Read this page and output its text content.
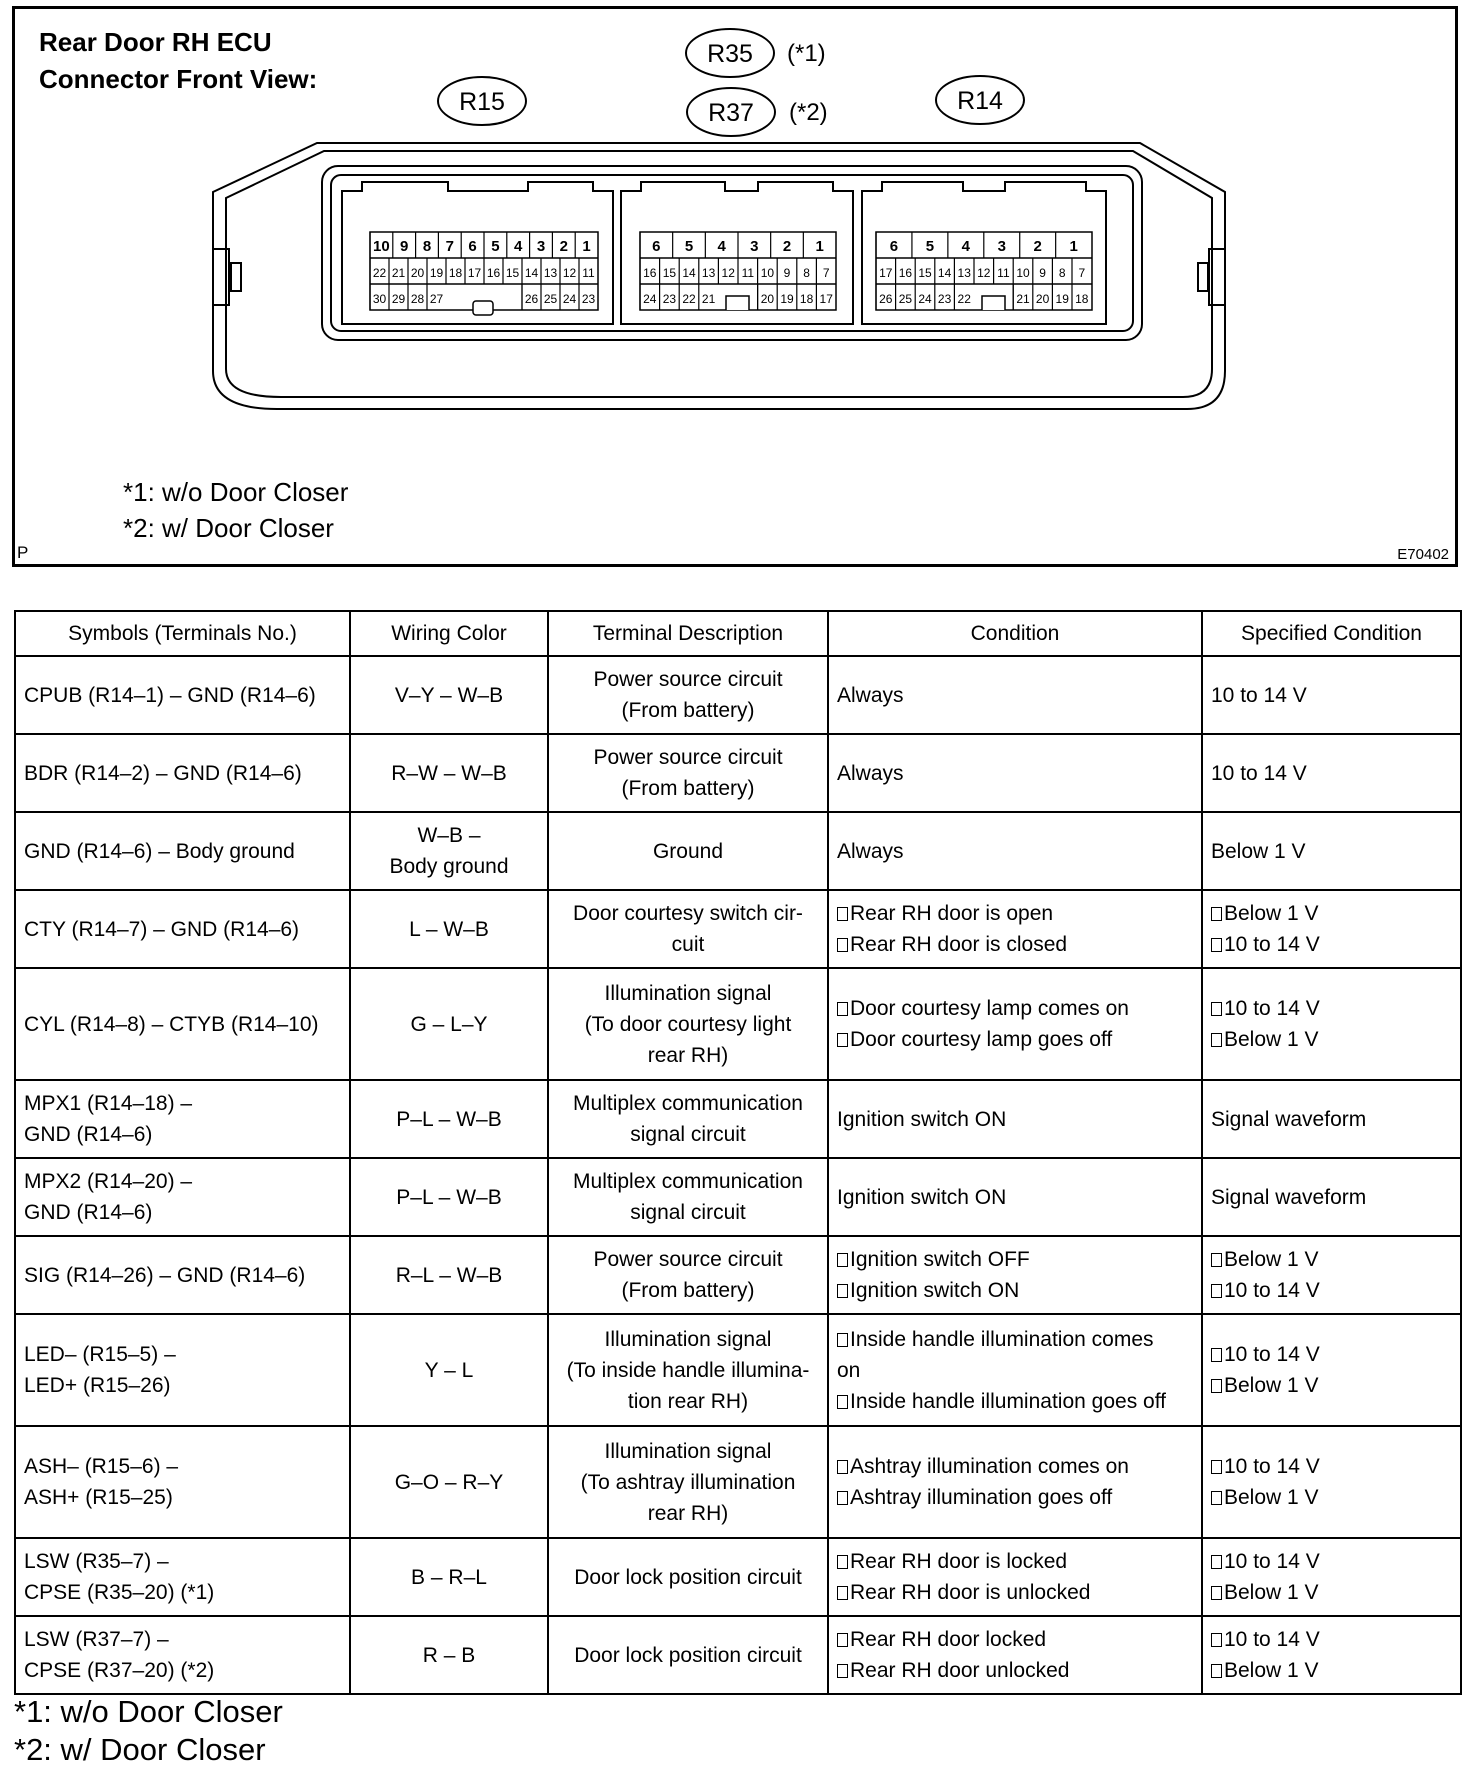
Rear Door RH ECU
Connector Front View:
R15
R35 (*1)
R37 (*2)	R14
10 9 8 7 6 5 4 3 2 1
22 21 20 19 18 17 16 15 14 13 12 11
30 29 28 27	26 25 24 23
6 5 4 3 2 1
16 15 14 13 12 11 10 9 8 7
24 23 22 21	20 19 18 17
6 5 4 3 2 1
17 16 15 14 13 12 11 10 9 8 7
26 25 24 23 22	21 20 19 18
*1: w/o Door Closer
*2: w/ Door Closer
P	E70402
Symbols (Terminals No.)	Wiring Color	Terminal Description	Condition	Specified Condition

CPUB (R14–1) – GND (R14–6)	V–Y – W–B	Power source circuit
(From battery)	Always	10 to 14 V

BDR (R14–2) – GND (R14–6)	R–W – W–B	Power source circuit
(From battery)	Always	10 to 14 V

GND (R14–6) – Body ground	W–B –
Body ground	Ground	Always	Below 1 V

CTY (R14–7) – GND (R14–6)	L – W–B	Door courtesy switch cir-
cuit	Rear RH door is open
Rear RH door is closed	Below 1 V
10 to 14 V

CYL (R14–8) – CTYB (R14–10)	G – L–Y	Illumination signal
(To door courtesy light
rear RH)	Door courtesy lamp comes on
Door courtesy lamp goes off	10 to 14 V
Below 1 V

MPX1 (R14–18) –
GND (R14–6)	P–L – W–B	Multiplex communication
signal circuit	Ignition switch ON	Signal waveform

MPX2 (R14–20) –
GND (R14–6)	P–L – W–B	Multiplex communication
signal circuit	Ignition switch ON	Signal waveform

SIG (R14–26) – GND (R14–6)	R–L – W–B	Power source circuit
(From battery)	Ignition switch OFF
Ignition switch ON	Below 1 V
10 to 14 V

LED– (R15–5) –
LED+ (R15–26)	Y – L	Illumination signal
(To inside handle illumina-
tion rear RH)	Inside handle illumination comes
on
Inside handle illumination goes off	10 to 14 V
Below 1 V

ASH– (R15–6) –
ASH+ (R15–25)	G–O – R–Y	Illumination signal
(To ashtray illumination
rear RH)	Ashtray illumination comes on
Ashtray illumination goes off	10 to 14 V
Below 1 V

LSW (R35–7) –
CPSE (R35–20) (*1)	B – R–L	Door lock position circuit	Rear RH door is locked
Rear RH door is unlocked	10 to 14 V
Below 1 V

LSW (R37–7) –
CPSE (R37–20) (*2)	R – B	Door lock position circuit	Rear RH door locked
Rear RH door unlocked	10 to 14 V
Below 1 V
*1: w/o Door Closer
*2: w/ Door Closer
